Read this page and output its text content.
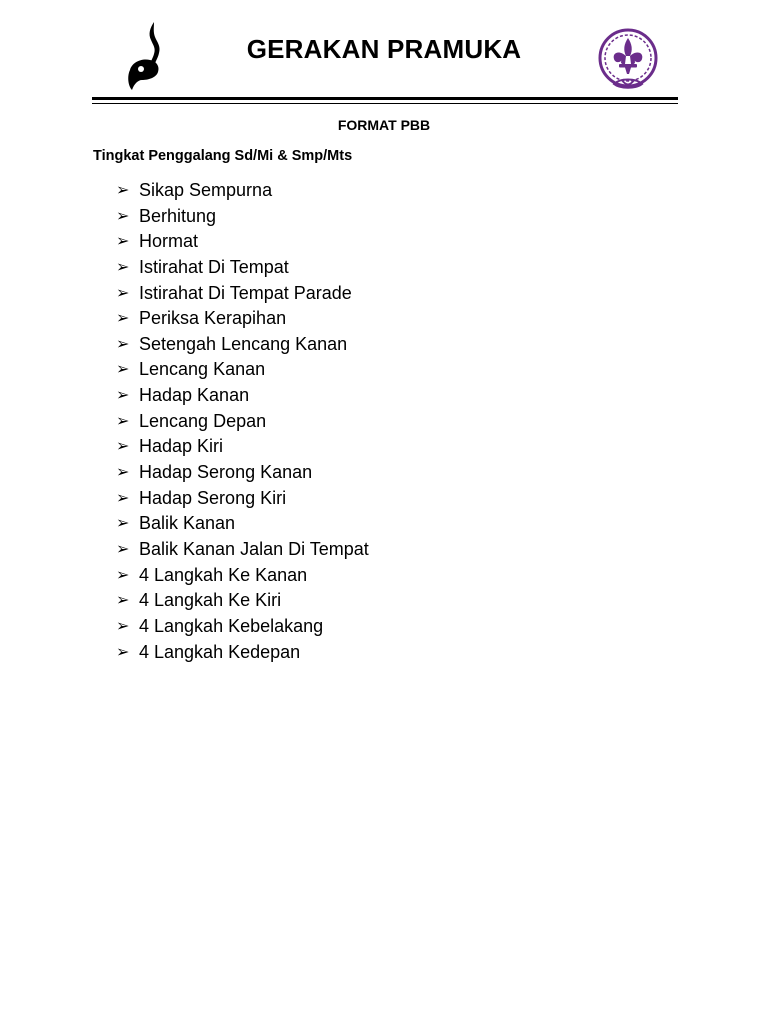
GERAKAN PRAMUKA
FORMAT PBB
Tingkat Penggalang Sd/Mi & Smp/Mts
➢ Sikap Sempurna
➢ Berhitung
➢ Hormat
➢ Istirahat Di Tempat
➢ Istirahat Di Tempat Parade
➢ Periksa Kerapihan
➢ Setengah Lencang Kanan
➢ Lencang Kanan
➢ Hadap Kanan
➢ Lencang Depan
➢ Hadap Kiri
➢ Hadap Serong Kanan
➢ Hadap Serong Kiri
➢ Balik Kanan
➢ Balik Kanan Jalan Di Tempat
➢ 4 Langkah Ke Kanan
➢ 4 Langkah Ke Kiri
➢ 4 Langkah Kebelakang
➢ 4 Langkah Kedepan
